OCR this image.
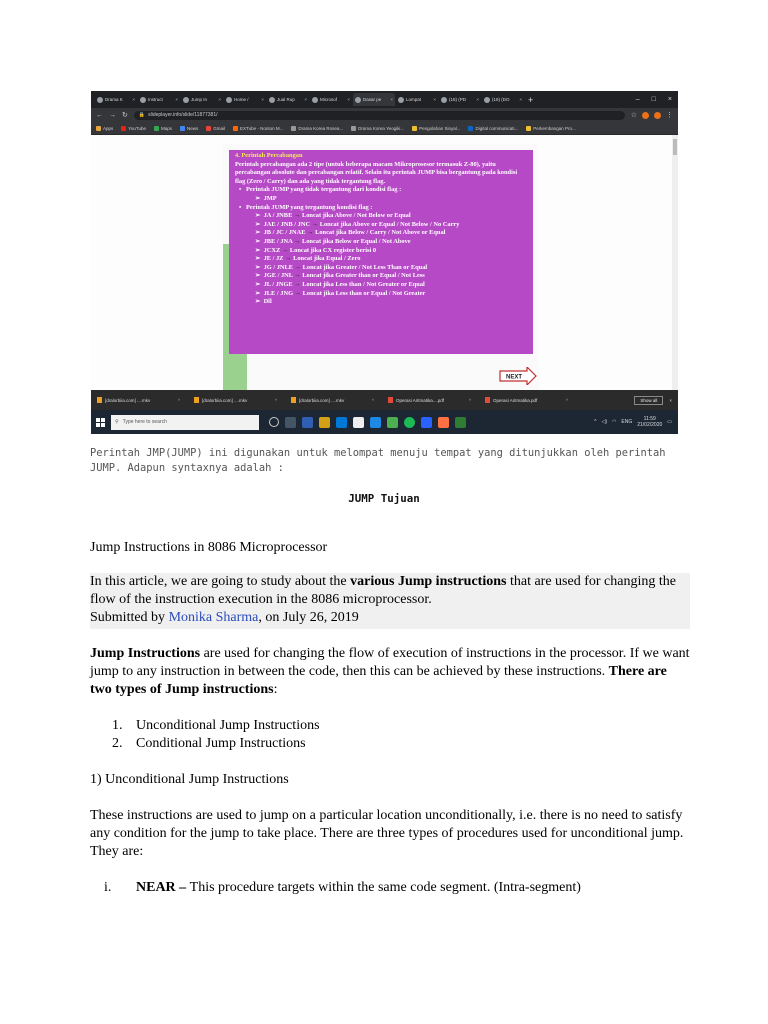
Drama K	×	Instruct	×	Jump In	×	Home /	×	Jual Rup	×	Microsof	×	Dasar pe	×	Lompat	×	(18) (PD	×	(18) (DO	× +	– □ ×
← → ↻ 🔒 slideplayer.info/slide/11877381/	☆	⋮
Apps	YouTube	Maps	News	Gmail	EXTube - Nonton M...	Drama Korea Rosea...	Drama Korea Yeogiki...	Pengolahan Sinyal...	Digital communicati...	Perkembangan Pro...

4. Perintah Percabangan

Perintah percabangan ada 2 tipe (untuk beberapa macam Mikroprosesor termasuk Z-80), yaitu percabangan absolute dan percabangan relatif. Selain itu perintah JUMP bisa bergantung pada kondisi flag (Zero / Carry) dan ada yang tidak tergantung flag.

•   Perintah JUMP yang tidak tergantung dari kondisi flag :

➢  JMP

•   Perintah JUMP yang tergantung kondisi flag :

➢  JA / JNBE → Loncat jika Above / Not Below or Equal

➢  JAE / JNB / JNC → Loncat jika Above or Equal / Not Below / No Carry

➢  JB / JC / JNAE → Loncat jika Below / Carry / Not Above or Equal

➢  JBE / JNA → Loncat jika Below or Equal / Not Above

➢  JCXZ → Loncat jika CX register berisi 0

➢  JE / JZ → Loncat jika Equal / Zero

➢  JG / JNLE → Loncat jika Greater / Not Less Than or Equal

➢  JGE / JNL → Loncat jika Greater than or Equal / Not Less

➢  JL / JNGE → Loncat jika Less than / Not Greater or Equal

➢  JLE / JNG → Loncat jika Less than or Equal / Not Greater

➢  Dll

NEXT
[dralorbiia.com] ....mkv	^	[dralorbiia.com] ....mkv	^	[dralorbiia.com] ....mkv	^	Operasi Aritmatika....pdf	^	Operasi Aritmatika.pdf	^	Show all	×
⚲ Type here to search	^ ◁) ◠ ENG	11:59
21/02/2020 ▭
Perintah JMP(JUMP) ini digunakan untuk melompat menuju tempat yang ditunjukkan oleh perintah
JUMP. Adapun syntaxnya adalah :
JUMP Tujuan
Jump Instructions in 8086 Microprocessor
In this article, we are going to study about the various Jump instructions that are used for changing the flow of the instruction execution in the 8086 microprocessor.
Submitted by Monika Sharma, on July 26, 2019
Jump Instructions are used for changing the flow of execution of instructions in the processor. If we want jump to any instruction in between the code, then this can be achieved by these instructions. There are two types of Jump instructions:
1. Unconditional Jump Instructions
2. Conditional Jump Instructions
1) Unconditional Jump Instructions
These instructions are used to jump on a particular location unconditionally, i.e. there is no need to satisfy any condition for the jump to take place. There are three types of procedures used for unconditional jump. They are:
i. NEAR – This procedure targets within the same code segment. (Intra-segment)
